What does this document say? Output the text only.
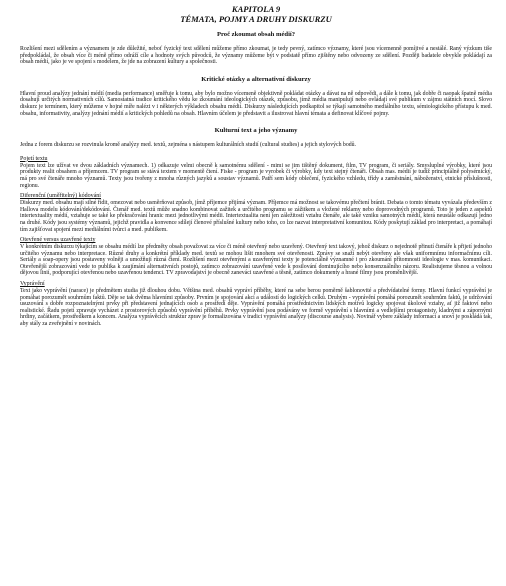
KAPITOLA 9
TÉMATA, POJMY A DRUHY DISKURZU
Proč zkoumat obsah médií?

Rozlišení mezi sdělením a významem je zde důležité, neboť fyzický text sdělení můžeme přímo zkoumat, je tedy pevný, zatímco významy, které jsou vícemenně pomíjivé a nestálé. Raný výzkum tiše předpokládal, že obsah více či méně přímo odráží cíle a hodnoty svých původců, že významy můžeme být v podstatě přímo zjištěny nebo odvozeny ze sdělení. Později badatele obvykle pokládají za obsah médií, jako je ve spojení s modelem, že jde na zobrazení kultury a společnosti.

Kritické otázky a alternativní diskurzy

Hlavní proud analýzy jednání médií (media performance) směřuje k tomu, aby bylo možno vícemeně objektivně pokládat otázky a dávat na ně odpovědi, a dále k tomu, jak dobře či naopak špatně média dosahují určitých normativních cílů. Samostatná tradice kritického vědu ke zkoumání ideologických otázek, způsobu, jímž média manipulují nebo ovládají své publikum v zájmu státních mocí. Slovo diskurz je termínem, který můžeme v hojné míře nalézt v i některých výkladech obsahu médií. Diskurzy následujících podkapitol se týkají samotného mediálního textu, sémiologického přístupu k med. obsahu, informativity, analýzy jednání médií a kritických pohledů na obsah. Hlavním účelem je představit a ilustrovat hlavní témata a definovat klíčové pojmy.

Kulturní text a jeho významy

Jedna z forem diskurzu se rozvinula kromě analýzy med. textů, zejména s nástupem kulturálních studií (cultural studies) a jejich stylových bodů.

Pojetí textu

Pojem text lze užívat ve dvou základních významech. 1) odkazuje velmi obecně k samotnému sdělení - mimi se jim tištěný dokument, film, TV program, či seriály. Smysluplné výrobky, které jsou produkty realit obsahem a příjemcem. TV program se stává textem v momentě čtení. Fiske - program je vyrobek či výrobky, kdy text stejný čtenáři. Obsah mas. médií je tudíž principiálně polysémický, má pro své čtenáře mnoho významů. Texty jsou tvořeny z mnoha různých jazyků a soustav významů. Patří sem kódy oblečení, fyzického vzhledu, třídy a zaměstnání, náboženství, etnické příslušnosti, regionu.

Diferenční (uměřitelný) kódování

Diskurzy med. obsahu mají silné řídit, omezovat nebo usměrňovat způsob, jímž příjemce přijímá význam. Příjemce má možnost se takovému přečtení bránit. Debata o tomto tématu vyvázala především z Hallova modelu kódování/dekódování. Čtenář med. textů může snadno kombinovat zažitek a určitého programu se zážitkem a vložené reklamy nebo doprovodných programů. Toto je jeden z aspektů intertextuality médií, vztahuje se také ke překračování hranic mezi jednotlivými médii. Intertextualita není jen záležitostí vztahu čtenáře, ale také vzniku samotných médií, která neustále odkazují jedno na druhé. Kódy jsou systémy významů, jejichž pravidla a konvence sdílejí členové příslušné kultury nebo toho, co lze nazvat interpretativní komunitou. Kódy poskytují základ pro interpretaci, a pomáhají tím zajišťovat spojení mezi mediálními tvůrci a med. publikem.

Otevřené versus uzavřené texty

V konkrétním diskurzu týkajícím se obsahu médií lze předměty obsah považovat za více či méně otevřený nebo uzavřený. Otevřený text takový, jehož diskurz o nejednotě přinutí čtenáře k přijetí jednoho určitého významu nebo interpretace. Různé druhy a konkrétní příklady med. textů se mohou lišit mnohem své otevřenosti. Zprávy se snaží nebýt otevřeny ale však uniformnímu informačnímu cíli. Seriály a soap-opery jsou postaveny volněji a umožňují různá čtení. Rozlišení mezi otevřenými a uzavřenými texty je potenciálně významné i pro zkoumání přítomnosti ideologie v mas. komunikaci. Otevřenější zobrazování vede to publika k zaujímání alternativních postojů, zatímco zobrazování uzavřené vede k posilování dominujícího nebo konsenzuálního názoru. Realistujeme těsnou a volnou dějovou linií, podporující otevřenou nebo uzavřenou tendenci. TV zpravodajství je obecně zaneváci uzavřené a těsně, zatímco dokumenty a hrané filmy jsou proměnlivější.

Vyprávění

Text jako vyprávění (narace) je předmětem studia již dlouhou dobu. Většina med. obsahů vypráví příběhy, které na sebe berou poměrně šablonovité a předvídatelné formy. Hlavní funkcí vyprávění je pomáhat porozumět souhrnům faktů. Děje se tak dvěma hlavními způsoby. Prvním je spojování akcí a událostí do logických celků. Druhým - vyprávění pomáhá porozumět souhrnům faktů, je udržování usuzování s dobře rozpoznatelnými prvky při představení jednajících osob a prostředí děje. Vyprávění pomáhá prostřednictvím lidských motivů logicky spojovat úkolové vztahy, ať již faktoví nebo realistické. Řadu pojetí zpravuje vycházet z prostorových způsobů vyprávění příběhů. Prvky vyprávění jsou podávány ve formě vyprávění s hlavními a vedlejšími protagonisty, kladnými a zápornými hrdiny, začátkem, prostředkem a koncem. Analýza vyprávěcích struktur zprav je formalizována v tradici vyprávění analýzy (discourse analysis). Novinář vybere základy informací a snoví je poskládá tak, aby stály za zveřejnění v novinách.
